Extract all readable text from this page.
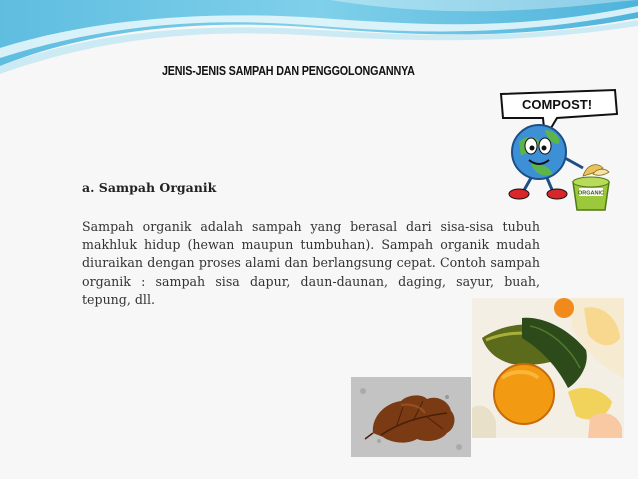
JENIS-JENIS SAMPAH DAN PENGGOLONGANNYA
a. Sampah Organik
Sampah organik adalah sampah yang berasal dari sisa-sisa tubuh makhluk hidup (hewan maupun tumbuhan). Sampah organik mudah diuraikan dengan proses alami dan berlangsung cepat. Contoh sampah organik : sampah sisa dapur, daun-daunan, daging, sayur, buah, tepung, dll.
COMPOST!
ORGANIC
